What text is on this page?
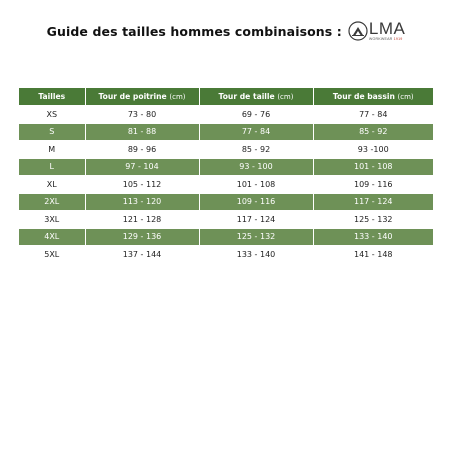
Guide des tailles hommes combinaisons : LMA
WORKWEAR 1919
Tailles	Tour de poitrine (cm)	Tour de taille (cm)	Tour de bassin (cm)
XS	73 - 80	69 - 76	77 - 84
S	81 - 88	77 - 84	85 - 92
M	89 - 96	85 - 92	93 -100
L	97 - 104	93 - 100	101 - 108
XL	105 - 112	101 - 108	109 - 116
2XL	113 - 120	109 - 116	117 - 124
3XL	121 - 128	117 - 124	125 - 132
4XL	129 - 136	125 - 132	133 - 140
5XL	137 - 144	133 - 140	141 - 148
